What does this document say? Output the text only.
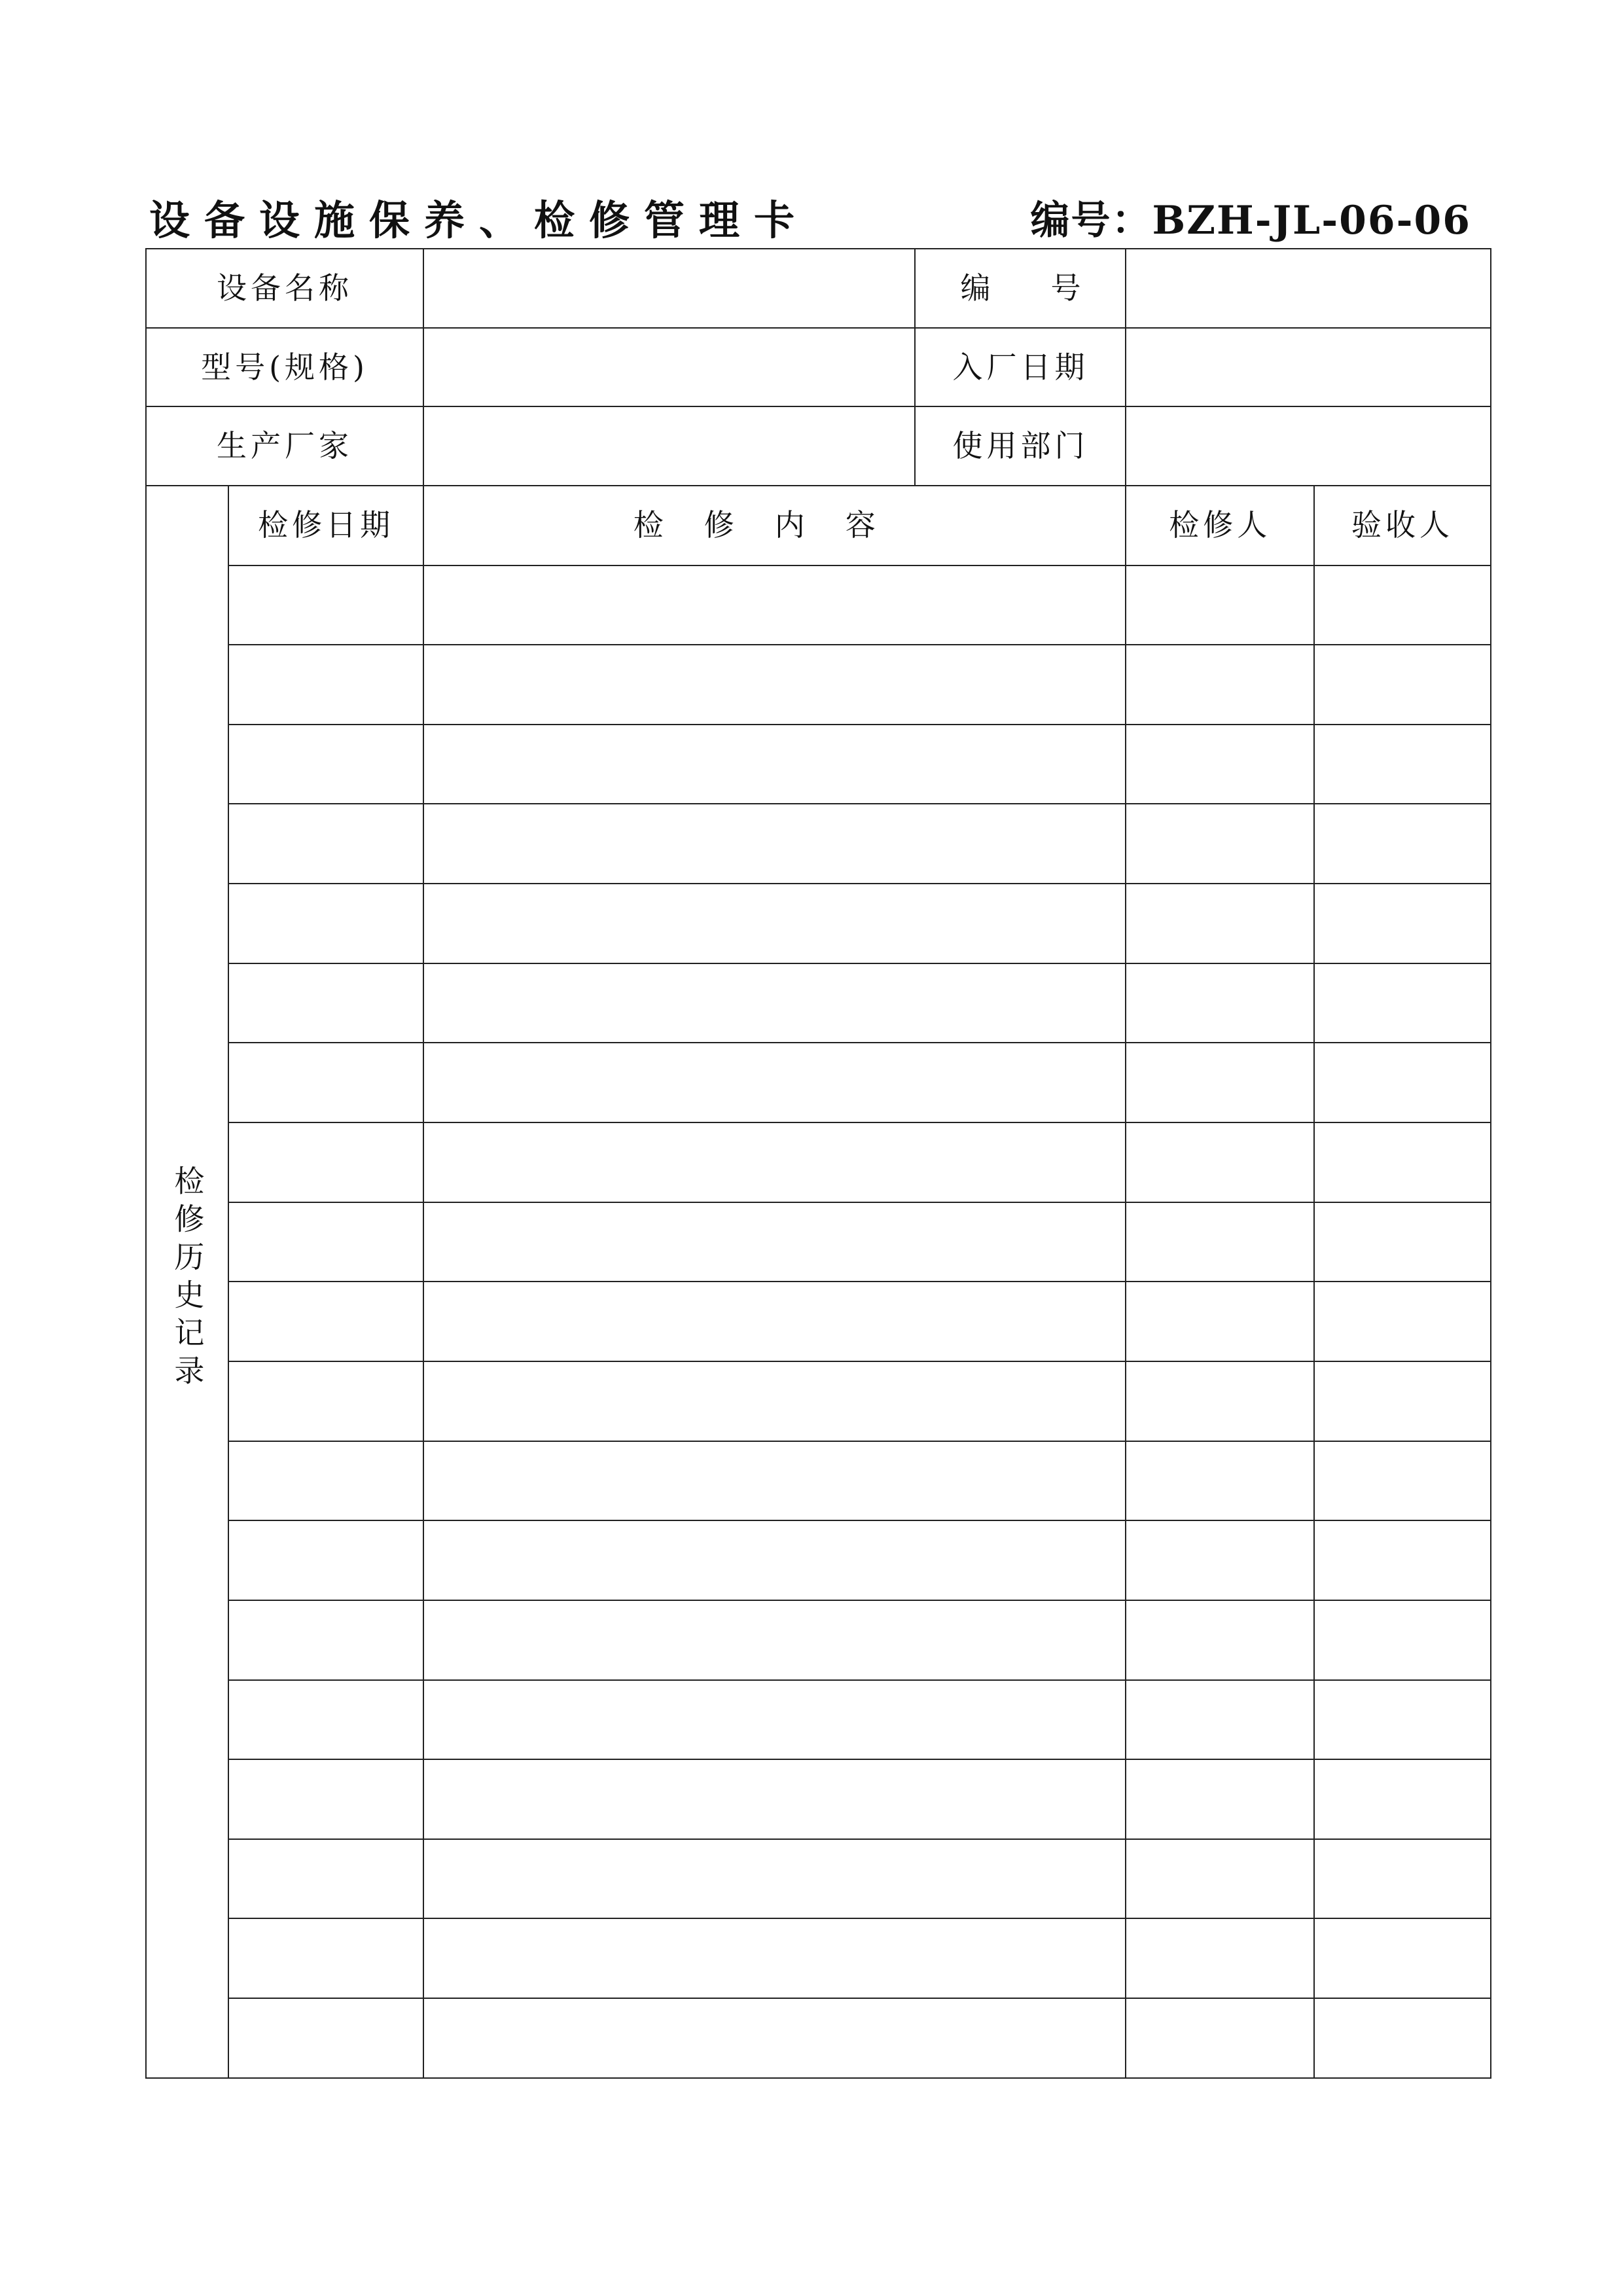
设备设施保养、检修管理卡	编号：BZH-JL-06-06
设备名称			编　　号		
型号(规格)			入厂日期		
生产厂家			使用部门		
检修历史记录	检修日期	检修内容		检修人	验收人
